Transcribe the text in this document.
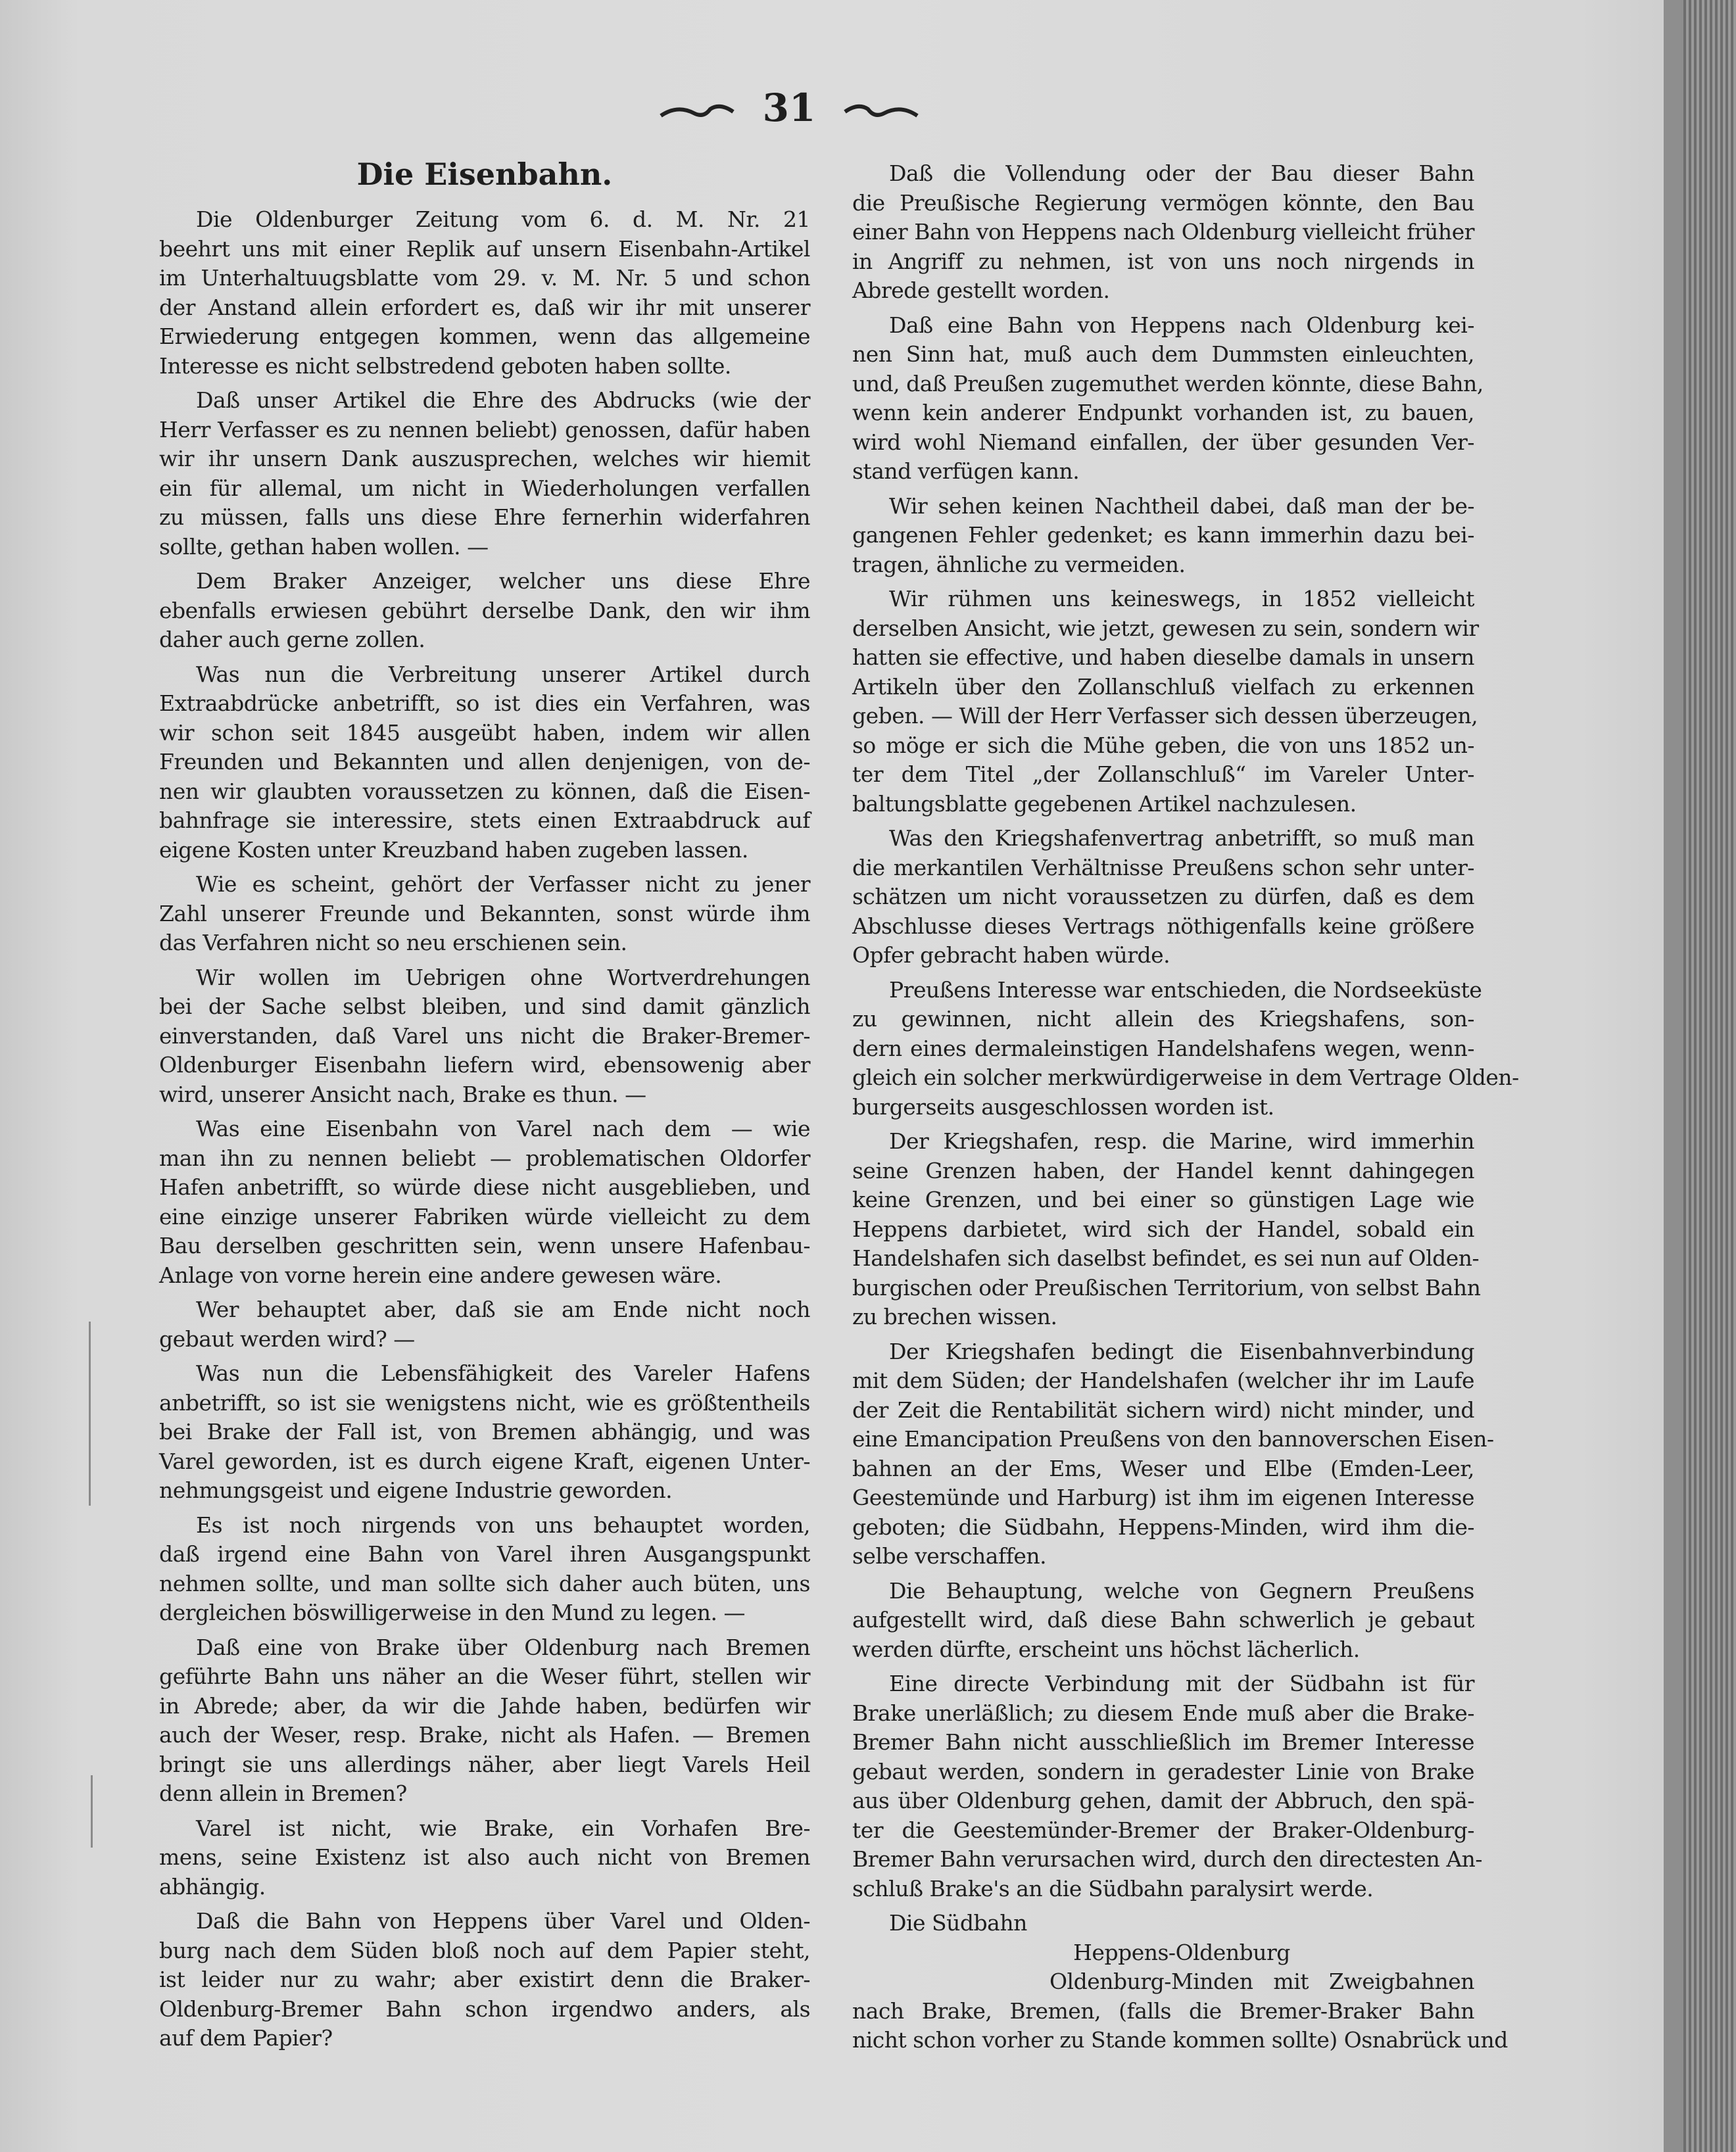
31
Die Eisenbahn.
Die Oldenburger Zeitung vom 6. d. M. Nr. 21
beehrt uns mit einer Replik auf unsern Eisenbahn-Artikel
im Unterhaltuugsblatte vom 29. v. M. Nr. 5 und schon
der Anstand allein erfordert es, daß wir ihr mit unserer
Erwiederung entgegen kommen, wenn das allgemeine
Interesse es nicht selbstredend geboten haben sollte.
Daß unser Artikel die Ehre des Abdrucks (wie der
Herr Verfasser es zu nennen beliebt) genossen, dafür haben
wir ihr unsern Dank auszusprechen, welches wir hiemit
ein für allemal, um nicht in Wiederholungen verfallen
zu müssen, falls uns diese Ehre fernerhin widerfahren
sollte, gethan haben wollen. —
Dem Braker Anzeiger, welcher uns diese Ehre
ebenfalls erwiesen gebührt derselbe Dank, den wir ihm
daher auch gerne zollen.
Was nun die Verbreitung unserer Artikel durch
Extraabdrücke anbetrifft, so ist dies ein Verfahren, was
wir schon seit 1845 ausgeübt haben, indem wir allen
Freunden und Bekannten und allen denjenigen, von de-
nen wir glaubten voraussetzen zu können, daß die Eisen-
bahnfrage sie interessire, stets einen Extraabdruck auf
eigene Kosten unter Kreuzband haben zugeben lassen.
Wie es scheint, gehört der Verfasser nicht zu jener
Zahl unserer Freunde und Bekannten, sonst würde ihm
das Verfahren nicht so neu erschienen sein.
Wir wollen im Uebrigen ohne Wortverdrehungen
bei der Sache selbst bleiben, und sind damit gänzlich
einverstanden, daß Varel uns nicht die Braker-Bremer-
Oldenburger Eisenbahn liefern wird, ebensowenig aber
wird, unserer Ansicht nach, Brake es thun. —
Was eine Eisenbahn von Varel nach dem — wie
man ihn zu nennen beliebt — problematischen Oldorfer
Hafen anbetrifft, so würde diese nicht ausgeblieben, und
eine einzige unserer Fabriken würde vielleicht zu dem
Bau derselben geschritten sein, wenn unsere Hafenbau-
Anlage von vorne herein eine andere gewesen wäre.
Wer behauptet aber, daß sie am Ende nicht noch
gebaut werden wird? —
Was nun die Lebensfähigkeit des Vareler Hafens
anbetrifft, so ist sie wenigstens nicht, wie es größtentheils
bei Brake der Fall ist, von Bremen abhängig, und was
Varel geworden, ist es durch eigene Kraft, eigenen Unter-
nehmungsgeist und eigene Industrie geworden.
Es ist noch nirgends von uns behauptet worden,
daß irgend eine Bahn von Varel ihren Ausgangspunkt
nehmen sollte, und man sollte sich daher auch büten, uns
dergleichen böswilligerweise in den Mund zu legen. —
Daß eine von Brake über Oldenburg nach Bremen
geführte Bahn uns näher an die Weser führt, stellen wir
in Abrede; aber, da wir die Jahde haben, bedürfen wir
auch der Weser, resp. Brake, nicht als Hafen. — Bremen
bringt sie uns allerdings näher, aber liegt Varels Heil
denn allein in Bremen?
Varel ist nicht, wie Brake, ein Vorhafen Bre-
mens, seine Existenz ist also auch nicht von Bremen
abhängig.
Daß die Bahn von Heppens über Varel und Olden-
burg nach dem Süden bloß noch auf dem Papier steht,
ist leider nur zu wahr; aber existirt denn die Braker-
Oldenburg-Bremer Bahn schon irgendwo anders, als
auf dem Papier?
Daß die Vollendung oder der Bau dieser Bahn
die Preußische Regierung vermögen könnte, den Bau
einer Bahn von Heppens nach Oldenburg vielleicht früher
in Angriff zu nehmen, ist von uns noch nirgends in
Abrede gestellt worden.
Daß eine Bahn von Heppens nach Oldenburg kei-
nen Sinn hat, muß auch dem Dummsten einleuchten,
und, daß Preußen zugemuthet werden könnte, diese Bahn,
wenn kein anderer Endpunkt vorhanden ist, zu bauen,
wird wohl Niemand einfallen, der über gesunden Ver-
stand verfügen kann.
Wir sehen keinen Nachtheil dabei, daß man der be-
gangenen Fehler gedenket; es kann immerhin dazu bei-
tragen, ähnliche zu vermeiden.
Wir rühmen uns keineswegs, in 1852 vielleicht
derselben Ansicht, wie jetzt, gewesen zu sein, sondern wir
hatten sie effective, und haben dieselbe damals in unsern
Artikeln über den Zollanschluß vielfach zu erkennen
geben. — Will der Herr Verfasser sich dessen überzeugen,
so möge er sich die Mühe geben, die von uns 1852 un-
ter dem Titel „der Zollanschluß“ im Vareler Unter-
baltungsblatte gegebenen Artikel nachzulesen.
Was den Kriegshafenvertrag anbetrifft, so muß man
die merkantilen Verhältnisse Preußens schon sehr unter-
schätzen um nicht voraussetzen zu dürfen, daß es dem
Abschlusse dieses Vertrags nöthigenfalls keine größere
Opfer gebracht haben würde.
Preußens Interesse war entschieden, die Nordseeküste
zu gewinnen, nicht allein des Kriegshafens, son-
dern eines dermaleinstigen Handelshafens wegen, wenn-
gleich ein solcher merkwürdigerweise in dem Vertrage Olden-
burgerseits ausgeschlossen worden ist.
Der Kriegshafen, resp. die Marine, wird immerhin
seine Grenzen haben, der Handel kennt dahingegen
keine Grenzen, und bei einer so günstigen Lage wie
Heppens darbietet, wird sich der Handel, sobald ein
Handelshafen sich daselbst befindet, es sei nun auf Olden-
burgischen oder Preußischen Territorium, von selbst Bahn
zu brechen wissen.
Der Kriegshafen bedingt die Eisenbahnverbindung
mit dem Süden; der Handelshafen (welcher ihr im Laufe
der Zeit die Rentabilität sichern wird) nicht minder, und
eine Emancipation Preußens von den bannoverschen Eisen-
bahnen an der Ems, Weser und Elbe (Emden-Leer,
Geestemünde und Harburg) ist ihm im eigenen Interesse
geboten; die Südbahn, Heppens-Minden, wird ihm die-
selbe verschaffen.
Die Behauptung, welche von Gegnern Preußens
aufgestellt wird, daß diese Bahn schwerlich je gebaut
werden dürfte, erscheint uns höchst lächerlich.
Eine directe Verbindung mit der Südbahn ist für
Brake unerläßlich; zu diesem Ende muß aber die Brake-
Bremer Bahn nicht ausschließlich im Bremer Interesse
gebaut werden, sondern in geradester Linie von Brake
aus über Oldenburg gehen, damit der Abbruch, den spä-
ter die Geestemünder-Bremer der Braker-Oldenburg-
Bremer Bahn verursachen wird, durch den directesten An-
schluß Brake's an die Südbahn paralysirt werde.
Die Südbahn
Heppens-Oldenburg
Oldenburg-Minden mit Zweigbahnen
nach Brake, Bremen, (falls die Bremer-Braker Bahn
nicht schon vorher zu Stande kommen sollte) Osnabrück und
